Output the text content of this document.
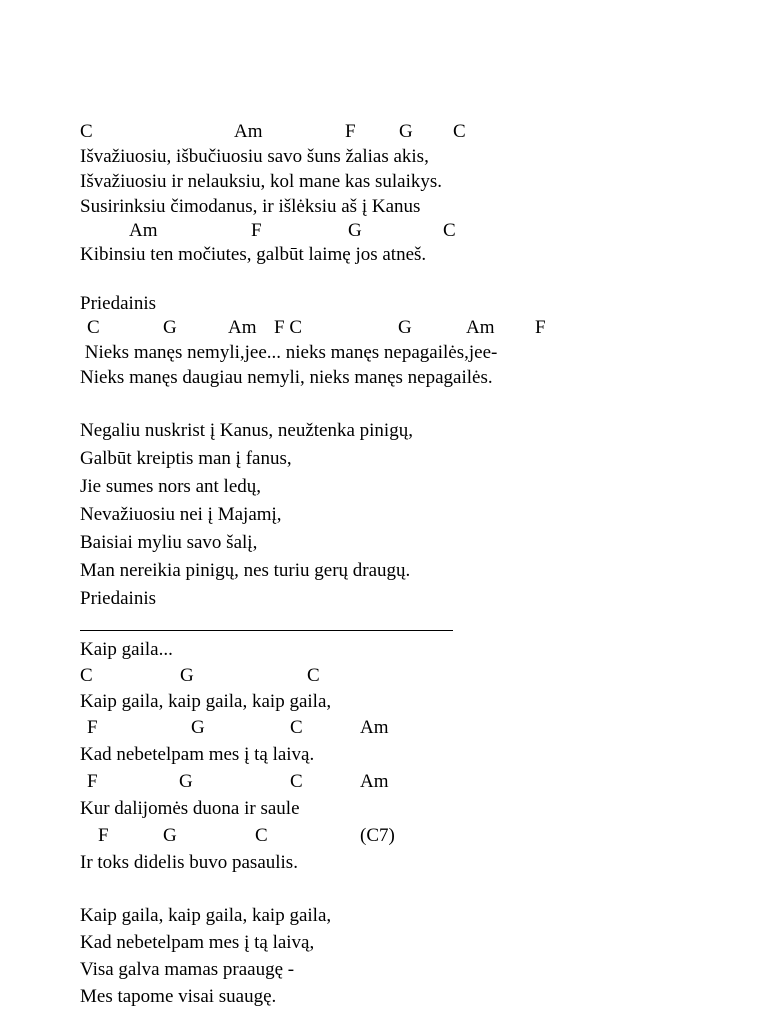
C	Am	F G C
Išvažiuosiu, išbučiuosiu savo šuns žalias akis,
Išvažiuosiu ir nelauksiu, kol mane kas sulaikys.
Susirinksiu čimodanus, ir išlėksiu aš į Kanus
Am	F	G	C
Kibinsiu ten močiutes, galbūt laimę jos atneš.
Priedainis
C	G	Am F C	G	Am F
Nieks manęs nemyli,jee... nieks manęs nepagailės,jee-
Nieks manęs daugiau nemyli, nieks manęs nepagailės.
Negaliu nuskrist į Kanus, neužtenka pinigų,
Galbūt kreiptis man į fanus,
Jie sumes nors ant ledų,
Nevažiuosiu nei į Majamį,
Baisiai myliu savo šalį,
Man nereikia pinigų, nes turiu gerų draugų.
Priedainis
Kaip gaila...
C	G	C
Kaip gaila, kaip gaila, kaip gaila,
F	G	C	Am
Kad nebetelpam mes į tą laivą.
F	G	C	Am
Kur dalijomės duona ir saule
F	G	C	(C7)
Ir toks didelis buvo pasaulis.
Kaip gaila, kaip gaila, kaip gaila,
Kad nebetelpam mes į tą laivą,
Visa galva mamas praaugę -
Mes tapome visai suaugę.
